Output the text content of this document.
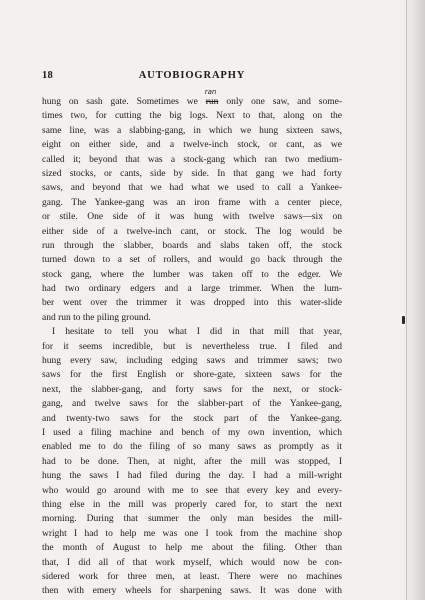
18	AUTOBIOGRAPHY
hung on sash gate. Sometimes we
ran
run only one saw, and some-
times two, for cutting the big logs. Next to that, along on the
same line, was a slabbing-gang, in which we hung sixteen saws,
eight on either side, and a twelve-inch stock, or cant, as we
called it; beyond that was a stock-gang which ran two medium-
sized stocks, or cants, side by side. In that gang we had forty
saws, and beyond that we had what we used to call a Yankee-
gang. The Yankee-gang was an iron frame with a center piece,
or stile. One side of it was hung with twelve saws—six on
either side of a twelve-inch cant, or stock. The log would be
run through the slabber, boards and slabs taken off, the stock
turned down to a set of rollers, and would go back through the
stock gang, where the lumber was taken off to the edger. We
had two ordinary edgers and a large trimmer. When the lum-
ber went over the trimmer it was dropped into this water-slide
and run to the piling ground.
I hesitate to tell you what I did in that mill that year,
for it seems incredible, but is nevertheless true. I filed and
hung every saw, including edging saws and trimmer saws; two
saws for the first English or shore-gate, sixteen saws for the
next, the slabber-gang, and forty saws for the next, or stock-
gang, and twelve saws for the slabber-part of the Yankee-gang,
and twenty-two saws for the stock part of the Yankee-gang.
I used a filing machine and bench of my own invention, which
enabled me to do the filing of so many saws as promptly as it
had to be done. Then, at night, after the mill was stopped, I
hung the saws I had filed during the day. I had a mill-wright
who would go around with me to see that every key and every-
thing else in the mill was properly cared for, to start the next
morning. During that summer the only man besides the mill-
wright I had to help me was one I took from the machine shop
the month of August to help me about the filing. Other than
that, I did all of that work myself, which would now be con-
sidered work for three men, at least. There were no machines
then with emery wheels for sharpening saws. It was done with
